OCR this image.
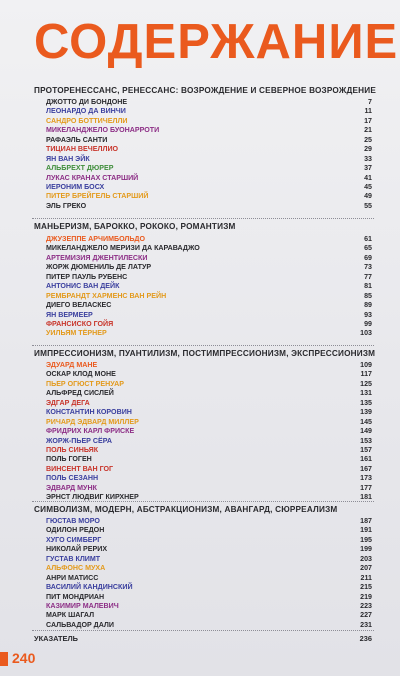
СОДЕРЖАНИЕ
ПРОТОРЕНЕССАНС, РЕНЕССАНС: ВОЗРОЖДЕНИЕ И СЕВЕРНОЕ ВОЗРОЖДЕНИЕ
ДЖОТТО ДИ БОНДОНЕ	7
ЛЕОНАРДО ДА ВИНЧИ	11
САНДРО БОТТИЧЕЛЛИ	17
МИКЕЛАНДЖЕЛО БУОНАРРОТИ	21
РАФАЭЛЬ САНТИ	25
ТИЦИАН ВЕЧЕЛЛИО	29
ЯН ВАН ЭЙК	33
АЛЬБРЕХТ ДЮРЕР	37
ЛУКАС КРАНАХ СТАРШИЙ	41
ИЕРОНИМ БОСХ	45
ПИТЕР БРЕЙГЕЛЬ СТАРШИЙ	49
ЭЛЬ ГРЕКО	55
МАНЬЕРИЗМ, БАРОККО, РОКОКО, РОМАНТИЗМ
ДЖУЗЕППЕ АРЧИМБОЛЬДО	61
МИКЕЛАНДЖЕЛО МЕРИЗИ ДА КАРАВАДЖО	65
АРТЕМИЗИЯ ДЖЕНТИЛЕСКИ	69
ЖОРЖ ДЮМЕНИЛЬ ДЕ ЛАТУР	73
ПИТЕР ПАУЛЬ РУБЕНС	77
АНТОНИС ВАН ДЕЙК	81
РЕМБРАНДТ ХАРМЕНС ВАН РЕЙН	85
ДИЕГО ВЕЛАСКЕС	89
ЯН ВЕРМЕЕР	93
ФРАНСИСКО ГОЙЯ	99
УИЛЬЯМ ТЁРНЕР	103
ИМПРЕССИОНИЗМ, ПУАНТИЛИЗМ, ПОСТИМПРЕССИОНИЗМ, ЭКСПРЕССИОНИЗМ
ЭДУАРД МАНЕ	109
ОСКАР КЛОД МОНЕ	117
ПЬЕР ОГЮСТ РЕНУАР	125
АЛЬФРЕД СИСЛЕЙ	131
ЭДГАР ДЕГА	135
КОНСТАНТИН КОРОВИН	139
РИЧАРД ЭДВАРД МИЛЛЕР	145
ФРИДРИХ КАРЛ ФРИСКЕ	149
ЖОРЖ-ПЬЕР СЁРА	153
ПОЛЬ СИНЬЯК	157
ПОЛЬ ГОГЕН	161
ВИНСЕНТ ВАН ГОГ	167
ПОЛЬ СЕЗАНН	173
ЭДВАРД МУНК	177
ЭРНСТ ЛЮДВИГ КИРХНЕР	181
СИМВОЛИЗМ, МОДЕРН, АБСТРАКЦИОНИЗМ, АВАНГАРД, СЮРРЕАЛИЗМ
ГЮСТАВ МОРО	187
ОДИЛОН РЕДОН	191
ХУГО СИМБЕРГ	195
НИКОЛАЙ РЕРИХ	199
ГУСТАВ КЛИМТ	203
АЛЬФОНС МУХА	207
АНРИ МАТИСС	211
ВАСИЛИЙ КАНДИНСКИЙ	215
ПИТ МОНДРИАН	219
КАЗИМИР МАЛЕВИЧ	223
МАРК ШАГАЛ	227
САЛЬВАДОР ДАЛИ	231
УКАЗАТЕЛЬ	236
240
